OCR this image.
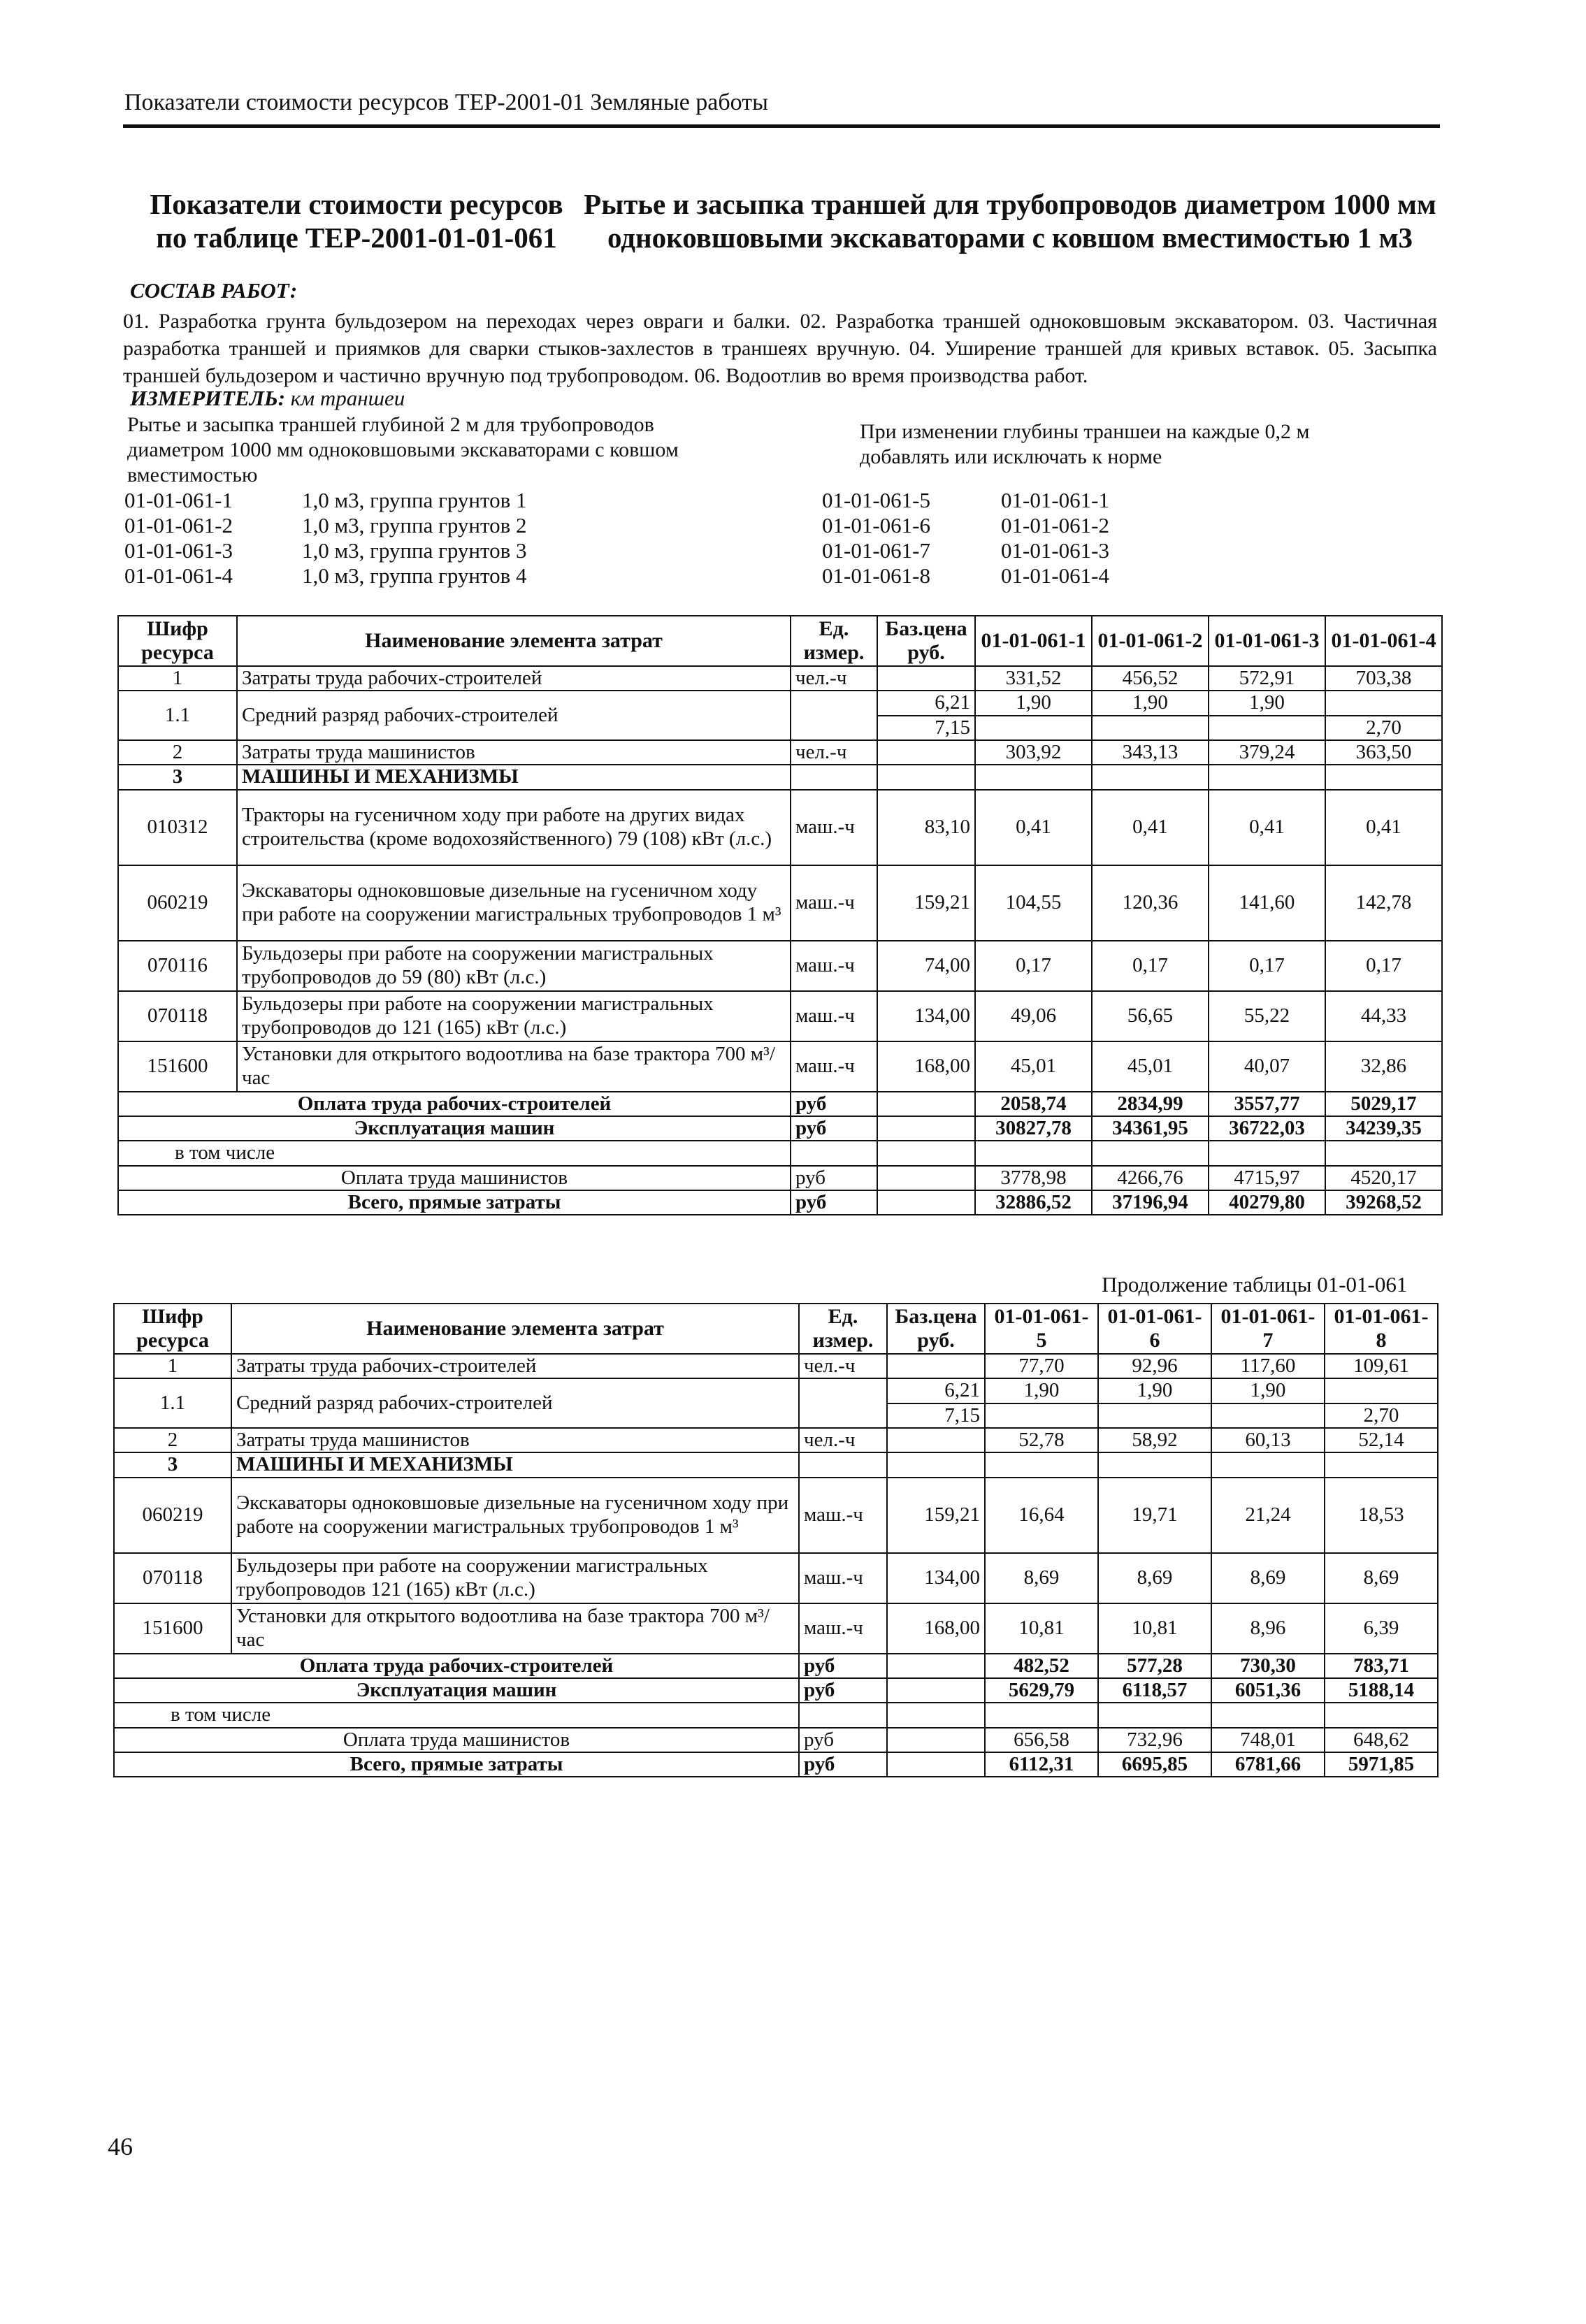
Показатели стоимости ресурсов ТЕР-2001-01 Земляные работы
Показатели стоимости ресурсов по таблице ТЕР-2001-01-01-061
Рытье и засыпка траншей для трубопроводов диаметром 1000 мм одноковшовыми экскаваторами с ковшом вместимостью 1 м3
СОСТАВ РАБОТ:
01. Разработка грунта бульдозером на переходах через овраги и балки. 02. Разработка траншей одноковшовым экскаватором. 03. Частичная разработка траншей и приямков для сварки стыков-захлестов в траншеях вручную. 04. Уширение траншей для кривых вставок. 05. Засыпка траншей бульдозером и частично вручную под трубопроводом. 06. Водоотлив во время производства работ.
ИЗМЕРИТЕЛЬ: км траншеи
Рытье и засыпка траншей глубиной 2 м для трубопроводов диаметром 1000 мм одноковшовыми экскаваторами с ковшом вместимостью
При изменении глубины траншеи на каждые 0,2 м добавлять или исключать к норме
01-01-061-1	1,0 м3, группа грунтов 1
01-01-061-2	1,0 м3, группа грунтов 2
01-01-061-3	1,0 м3, группа грунтов 3
01-01-061-4	1,0 м3, группа грунтов 4
01-01-061-5	01-01-061-1
01-01-061-6	01-01-061-2
01-01-061-7	01-01-061-3
01-01-061-8	01-01-061-4
Шифр ресурса	Наименование элемента затрат	Ед. измер.	Баз.цена руб.	01-01-061-1	01-01-061-2	01-01-061-3	01-01-061-4
1	Затраты труда рабочих-строителей	чел.-ч		331,52	456,52	572,91	703,38
1.1	Средний разряд рабочих-строителей		6,21	1,90	1,90	1,90	
			7,15				2,70
2	Затраты труда машинистов	чел.-ч		303,92	343,13	379,24	363,50
3	МАШИНЫ И МЕХАНИЗМЫ						
010312	Тракторы на гусеничном ходу при работе на других видах строительства (кроме водохозяйственного) 79 (108) кВт (л.с.)	маш.-ч	83,10	0,41	0,41	0,41	0,41
060219	Экскаваторы одноковшовые дизельные на гусеничном ходу при работе на сооружении магистральных трубопроводов 1 м³	маш.-ч	159,21	104,55	120,36	141,60	142,78
070116	Бульдозеры при работе на сооружении магистральных трубопроводов до 59 (80) кВт (л.с.)	маш.-ч	74,00	0,17	0,17	0,17	0,17
070118	Бульдозеры при работе на сооружении магистральных трубопроводов до 121 (165) кВт (л.с.)	маш.-ч	134,00	49,06	56,65	55,22	44,33
151600	Установки для открытого водоотлива на базе трактора 700 м³/час	маш.-ч	168,00	45,01	45,01	40,07	32,86
Оплата труда рабочих-строителей		руб		2058,74	2834,99	3557,77	5029,17
Эксплуатация машин		руб		30827,78	34361,95	36722,03	34239,35
в том числе							
Оплата труда машинистов		руб		3778,98	4266,76	4715,97	4520,17
Всего, прямые затраты		руб		32886,52	37196,94	40279,80	39268,52
Продолжение таблицы 01-01-061
Шифр ресурса	Наименование элемента затрат	Ед. измер.	Баз.цена руб.	01-01-061-5	01-01-061-6	01-01-061-7	01-01-061-8
1	Затраты труда рабочих-строителей	чел.-ч		77,70	92,96	117,60	109,61
1.1	Средний разряд рабочих-строителей		6,21	1,90	1,90	1,90	
			7,15				2,70
2	Затраты труда машинистов	чел.-ч		52,78	58,92	60,13	52,14
3	МАШИНЫ И МЕХАНИЗМЫ						
060219	Экскаваторы одноковшовые дизельные на гусеничном ходу при работе на сооружении магистральных трубопроводов 1 м³	маш.-ч	159,21	16,64	19,71	21,24	18,53
070118	Бульдозеры при работе на сооружении магистральных трубопроводов 121 (165) кВт (л.с.)	маш.-ч	134,00	8,69	8,69	8,69	8,69
151600	Установки для открытого водоотлива на базе трактора 700 м³/час	маш.-ч	168,00	10,81	10,81	8,96	6,39
Оплата труда рабочих-строителей		руб		482,52	577,28	730,30	783,71
Эксплуатация машин		руб		5629,79	6118,57	6051,36	5188,14
в том числе							
Оплата труда машинистов		руб		656,58	732,96	748,01	648,62
Всего, прямые затраты		руб		6112,31	6695,85	6781,66	5971,85
46
